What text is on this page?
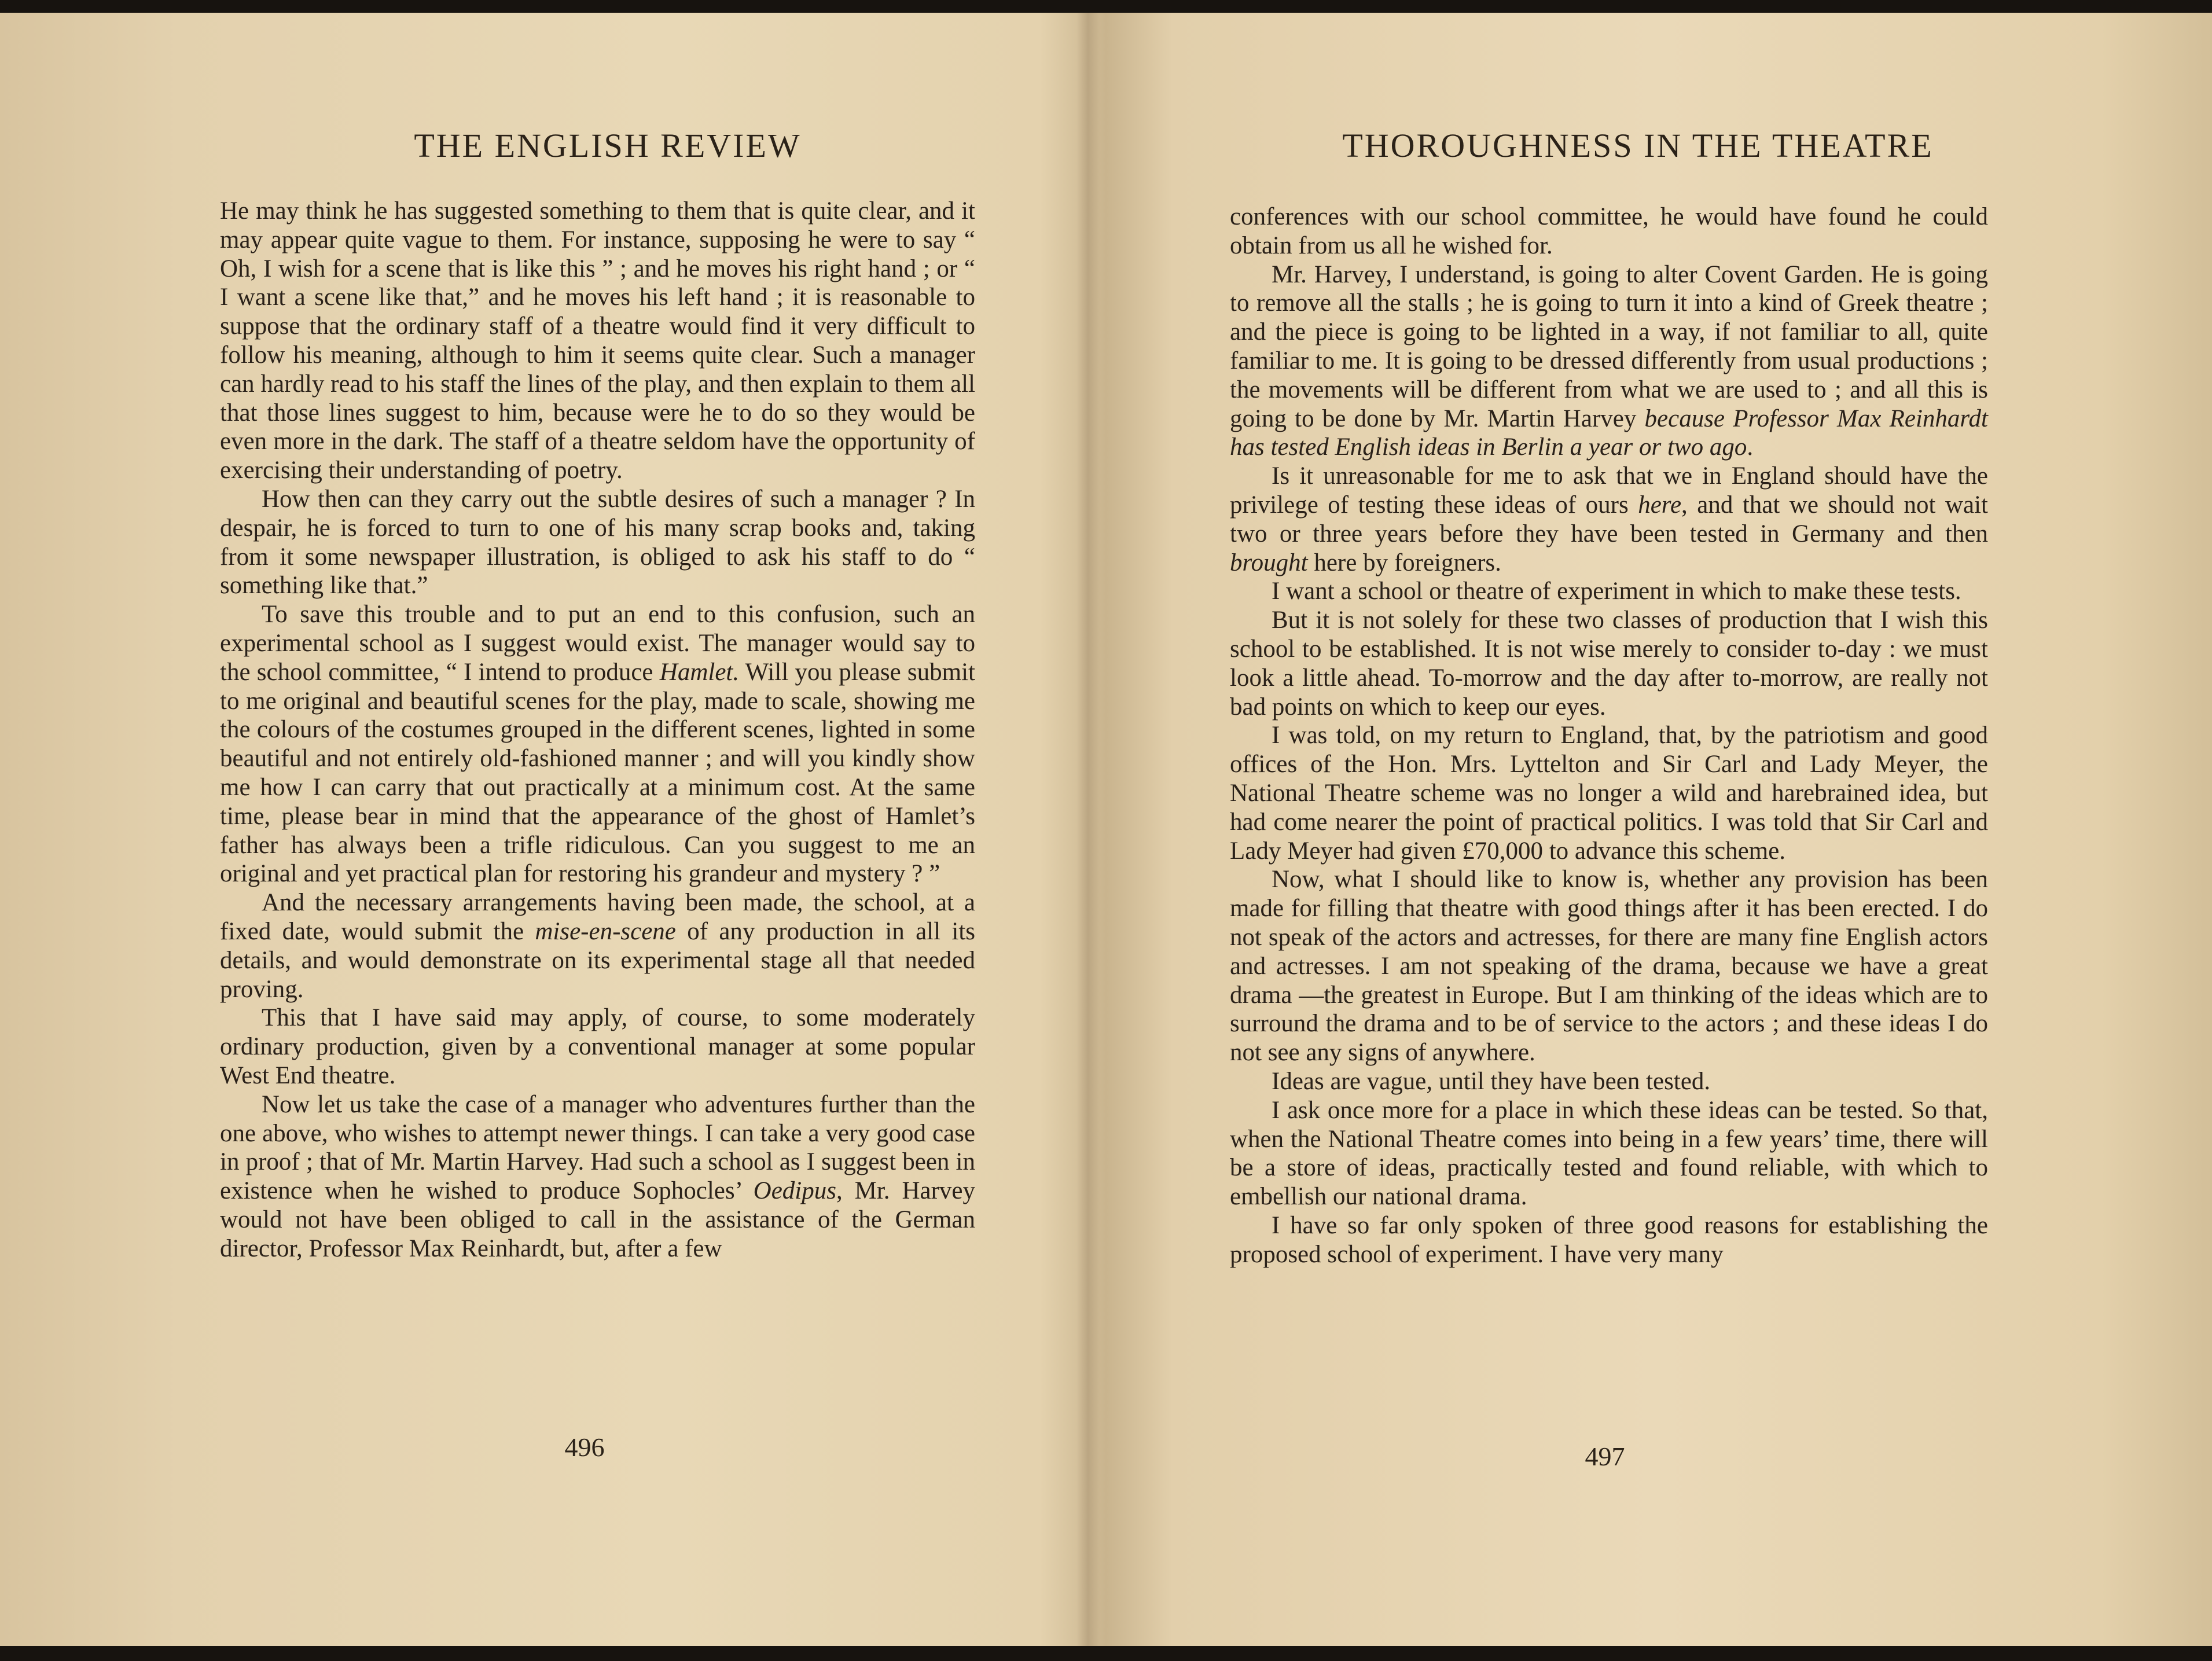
THE ENGLISH REVIEW

He may think he has suggested something to them that is quite clear, and it may appear quite vague to them. For instance, supposing he were to say “ Oh, I wish for a scene that is like this ” ; and he moves his right hand ; or “ I want a scene like that,” and he moves his left hand ; it is reasonable to suppose that the ordinary staff of a theatre would find it very difficult to follow his meaning, although to him it seems quite clear. Such a manager can hardly read to his staff the lines of the play, and then explain to them all that those lines suggest to him, because were he to do so they would be even more in the dark. The staff of a theatre seldom have the opportunity of exercising their understanding of poetry.

How then can they carry out the subtle desires of such a manager ? In despair, he is forced to turn to one of his many scrap books and, taking from it some newspaper illustration, is obliged to ask his staff to do “ something like that.”

To save this trouble and to put an end to this confusion, such an experimental school as I suggest would exist. The manager would say to the school committee, “ I intend to produce Hamlet. Will you please submit to me original and beautiful scenes for the play, made to scale, showing me the colours of the costumes grouped in the different scenes, lighted in some beautiful and not entirely old-fashioned manner ; and will you kindly show me how I can carry that out practically at a minimum cost. At the same time, please bear in mind that the appearance of the ghost of Hamlet’s father has always been a trifle ridiculous. Can you suggest to me an original and yet practical plan for restoring his grandeur and mystery ? ”

And the necessary arrangements having been made, the school, at a fixed date, would submit the mise-en-scene of any production in all its details, and would demonstrate on its experimental stage all that needed proving.

This that I have said may apply, of course, to some moderately ordinary production, given by a conventional manager at some popular West End theatre.

Now let us take the case of a manager who adventures further than the one above, who wishes to attempt newer things. I can take a very good case in proof ; that of Mr. Martin Harvey. Had such a school as I suggest been in existence when he wished to produce Sophocles’ Oedipus, Mr. Harvey would not have been obliged to call in the assistance of the German director, Professor Max Reinhardt, but, after a few

496
THOROUGHNESS IN THE THEATRE

conferences with our school committee, he would have found he could obtain from us all he wished for.

Mr. Harvey, I understand, is going to alter Covent Garden. He is going to remove all the stalls ; he is going to turn it into a kind of Greek theatre ; and the piece is going to be lighted in a way, if not familiar to all, quite familiar to me. It is going to be dressed differently from usual productions ; the movements will be different from what we are used to ; and all this is going to be done by Mr. Martin Harvey because Professor Max Reinhardt has tested English ideas in Berlin a year or two ago.

Is it unreasonable for me to ask that we in England should have the privilege of testing these ideas of ours here, and that we should not wait two or three years before they have been tested in Germany and then brought here by foreigners.

I want a school or theatre of experiment in which to make these tests.

But it is not solely for these two classes of production that I wish this school to be established. It is not wise merely to consider to-day : we must look a little ahead. To-morrow and the day after to-morrow, are really not bad points on which to keep our eyes.

I was told, on my return to England, that, by the patriotism and good offices of the Hon. Mrs. Lyttelton and Sir Carl and Lady Meyer, the National Theatre scheme was no longer a wild and harebrained idea, but had come nearer the point of practical politics. I was told that Sir Carl and Lady Meyer had given £70,000 to advance this scheme.

Now, what I should like to know is, whether any provision has been made for filling that theatre with good things after it has been erected. I do not speak of the actors and actresses, for there are many fine English actors and actresses. I am not speaking of the drama, because we have a great drama —the greatest in Europe. But I am thinking of the ideas which are to surround the drama and to be of service to the actors ; and these ideas I do not see any signs of anywhere.

Ideas are vague, until they have been tested.

I ask once more for a place in which these ideas can be tested. So that, when the National Theatre comes into being in a few years’ time, there will be a store of ideas, practically tested and found reliable, with which to embellish our national drama.

I have so far only spoken of three good reasons for establishing the proposed school of experiment. I have very many

497
